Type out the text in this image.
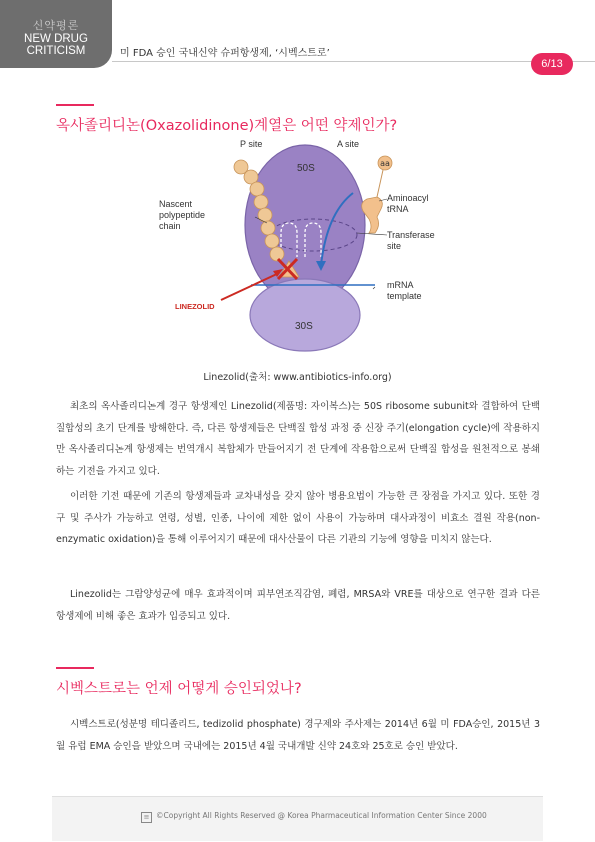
신약평론
NEW DRUG
CRITICISM	미 FDA 승인 국내신약 슈퍼항생제, ‘시벡스트로’
6/13
옥사졸리디논(Oxazolidinone)계열은 어떤 약제인가?
aa
P site	A site
50S
30S
Nascent
polypeptide
chain
Aminoacyl
tRNA
Transferase
site
mRNA
template
LINEZOLID
Linezolid(출처: www.antibiotics-info.org)

최초의 옥사졸리디논계 경구 항생제인 Linezolid(제품명: 자이복스)는 50S ribosome subunit와 결합하여 단백질합성의 초기 단계를 방해한다. 즉, 다른 항생제들은 단백질 합성 과정 중 신장 주기(elongation cycle)에 작용하지만 옥사졸리디논계 항생제는 번역개시 복합체가 만들어지기 전 단계에 작용함으로써 단백질 합성을 원천적으로 봉쇄하는 기전을 가지고 있다.

이러한 기전 때문에 기존의 항생제들과 교차내성을 갖지 않아 병용요법이 가능한 큰 장점을 가지고 있다. 또한 경구 및 주사가 가능하고 연령, 성별, 인종, 나이에 제한 없이 사용이 가능하며 대사과정이 비효소 결원 작용(non-enzymatic oxidation)을 통해 이루어지기 때문에 대사산물이 다른 기관의 기능에 영향을 미치지 않는다.

Linezolid는 그람양성균에 매우 효과적이며 피부연조직감염, 폐렴, MRSA와 VRE를 대상으로 연구한 결과 다른 항생제에 비해 좋은 효과가 입증되고 있다.

시벡스트로는 언제 어떻게 승인되었나?

시벡스트로(성분명 테디졸리드, tedizolid phosphate) 경구제와 주사제는 2014년 6월 미 FDA승인, 2015년 3월 유럽 EMA 승인을 받았으며 국내에는 2015년 4월 국내개발 신약 24호와 25호로 승인 받았다.

≡ ©Copyright All Rights Reserved @ Korea Pharmaceutical Information Center Since 2000
